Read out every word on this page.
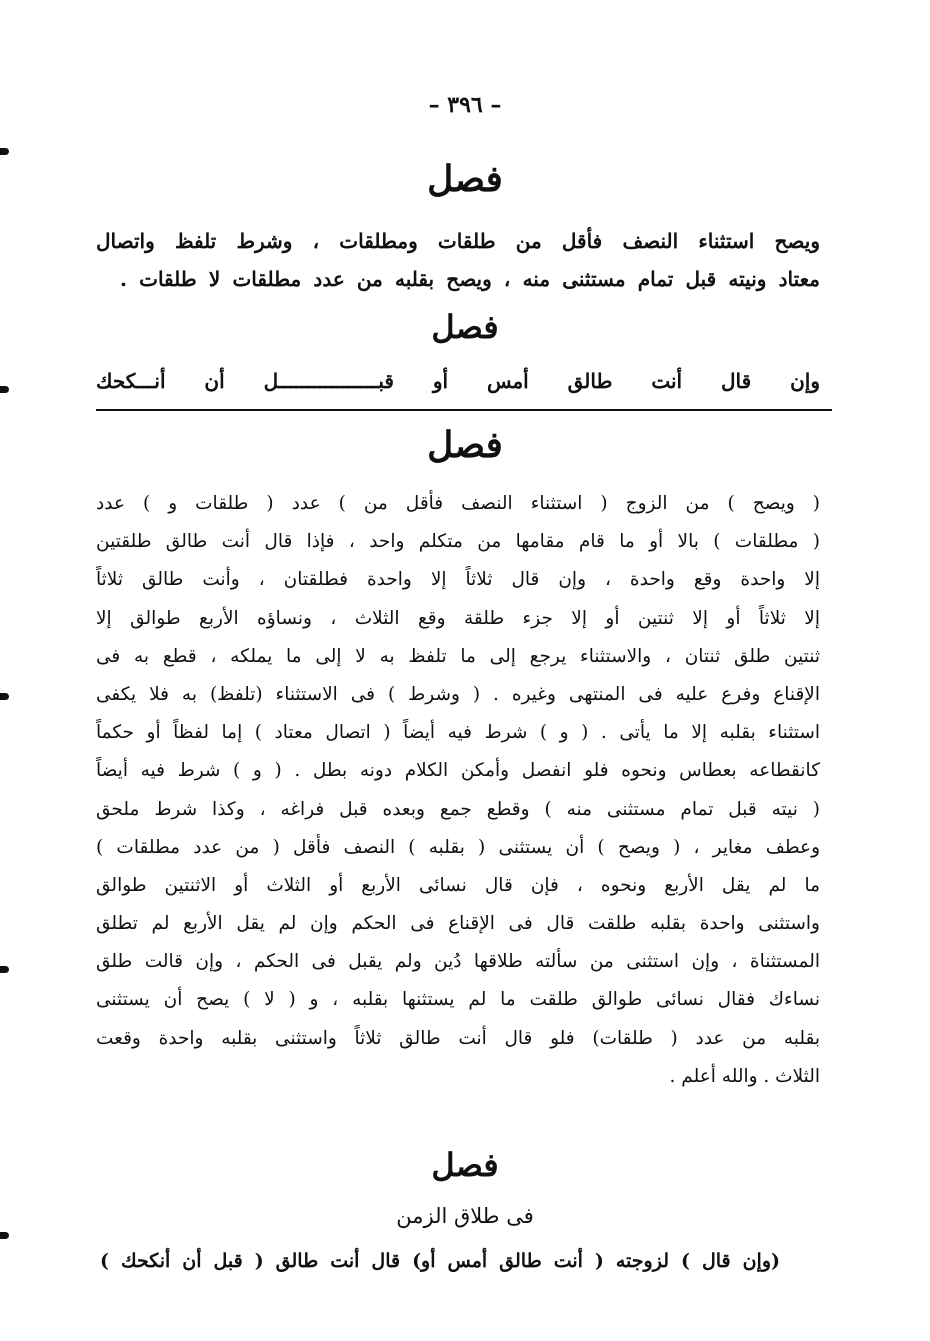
– ٣٩٦ –
فصل
ويصح استثناء النصف فأقل من طلقات ومطلقات ، وشرط تلفظ واتصال
معتاد ونيته قبل تمام مستثنى منه ، ويصح بقلبه من عدد مطلقات لا طلقات .
فصل
وإن قال أنت طالق أمس أو قبـــــــــــــــــل أن أنـــكحك
فصل
( ويصح ) من الزوج ( استثناء النصف فأقل من ) عدد ( طلقات و ) عدد
( مطلقات ) بالا أو ما قام مقامها من متكلم واحد ، فإذا قال أنت طالق طلقتين
إلا واحدة وقع واحدة ، وإن قال ثلاثاً إلا واحدة فطلقتان ، وأنت طالق ثلاثاً
إلا ثلاثاً أو إلا ثنتين أو إلا جزء طلقة وقع الثلاث ، ونساؤه الأربع طوالق إلا
ثنتين طلق ثنتان ، والاستثناء يرجع إلى ما تلفظ به لا إلى ما يملكه ، قطع به فى
الإقناع وفرع عليه فى المنتهى وغيره . ( وشرط ) فى الاستثناء (تلفظ) به فلا يكفى
استثناء بقلبه إلا ما يأتى . ( و ) شرط فيه أيضاً ( اتصال معتاد ) إما لفظاً أو حكماً
كانقطاعه بعطاس ونحوه فلو انفصل وأمكن الكلام دونه بطل . ( و ) شرط فيه أيضاً
( نيته قبل تمام مستثنى منه ) وقطع جمع وبعده قبل فراغه ، وكذا شرط ملحق
وعطف مغاير ، ( ويصح ) أن يستثنى ( بقلبه ) النصف فأقل ( من عدد مطلقات )
ما لم يقل الأربع ونحوه ، فإن قال نسائى الأربع أو الثلاث أو الاثنتين طوالق
واستثنى واحدة بقلبه طلقت قال فى الإقناع فى الحكم وإن لم يقل الأربع لم تطلق
المستثناة ، وإن استثنى من سألته طلاقها دُين ولم يقبل فى الحكم ، وإن قالت طلق
نساءك فقال نسائى طوالق طلقت ما لم يستثنها بقلبه ، و ( لا ) يصح أن يستثنى
بقلبه من عدد ( طلقات) فلو قال أنت طالق ثلاثاً واستثنى بقلبه واحدة وقعت
الثلاث . والله أعلم .
فصل
فى طلاق الزمن
(وإن قال ) لزوجته ( أنت طالق أمس أو) قال أنت طالق ( قبل أن أنكحك )
